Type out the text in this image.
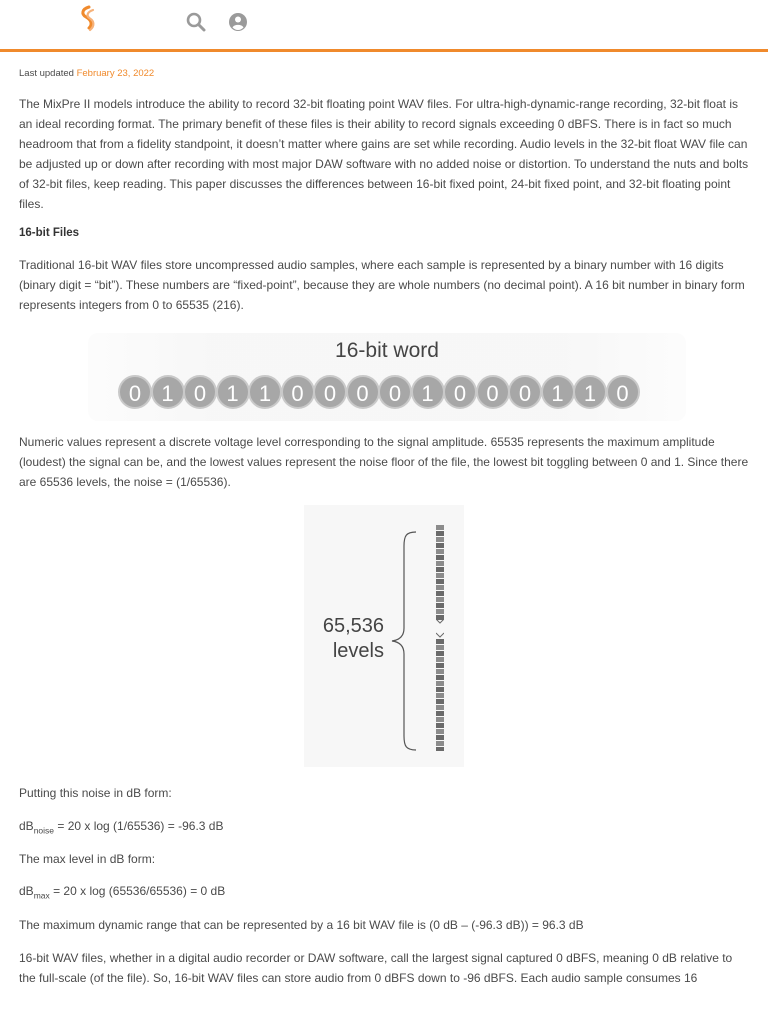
Last updated February 23, 2022

The MixPre II models introduce the ability to record 32-bit floating point WAV files. For ultra-high-dynamic-range recording, 32-bit float is an ideal recording format. The primary benefit of these files is their ability to record signals exceeding 0 dBFS. There is in fact so much headroom that from a fidelity standpoint, it doesn’t matter where gains are set while recording. Audio levels in the 32-bit float WAV file can be adjusted up or down after recording with most major DAW software with no added noise or distortion. To understand the nuts and bolts of 32-bit files, keep reading. This paper discusses the differences between 16-bit fixed point, 24-bit fixed point, and 32-bit floating point files.

16-bit Files

Traditional 16-bit WAV files store uncompressed audio samples, where each sample is represented by a binary number with 16 digits (binary digit = “bit”). These numbers are “fixed-point”, because they are whole numbers (no decimal point). A 16 bit number in binary form represents integers from 0 to 65535 (216).

16-bit word
0 1 0 1 1 0 0 0 0 1 0 0 0 1 1 0

Numeric values represent a discrete voltage level corresponding to the signal amplitude. 65535 represents the maximum amplitude (loudest) the signal can be, and the lowest values represent the noise floor of the file, the lowest bit toggling between 0 and 1. Since there are 65536 levels, the noise = (1/65536).

65,536
levels

Putting this noise in dB form:

$dB_{noise} = 20$ x log (1/65536) = -96.3 dB

The max level in dB form:

$dB_{max} = 20$ x log (65536/65536) = 0 dB

The maximum dynamic range that can be represented by a 16 bit WAV file is (0 dB – (-96.3 dB)) = 96.3 dB

16-bit WAV files, whether in a digital audio recorder or DAW software, call the largest signal captured 0 dBFS, meaning 0 dB relative to the full-scale (of the file). So, 16-bit WAV files can store audio from 0 dBFS down to -96 dBFS. Each audio sample consumes 16
